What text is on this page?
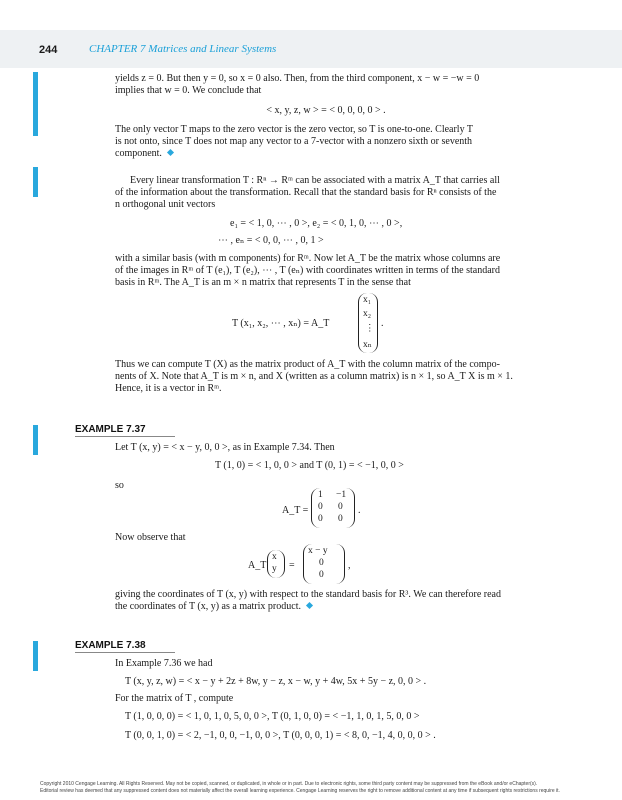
244	CHAPTER 7 Matrices and Linear Systems
yields z = 0. But then y = 0, so x = 0 also. Then, from the third component, x − w = −w = 0
implies that w = 0. We conclude that
< x, y, z, w > = < 0, 0, 0, 0 > .
The only vector T maps to the zero vector is the zero vector, so T is one-to-one. Clearly T
is not onto, since T does not map any vector to a 7-vector with a nonzero sixth or seventh
component.
Every linear transformation T : Rⁿ → Rᵐ can be associated with a matrix A_T that carries all
of the information about the transformation. Recall that the standard basis for Rⁿ consists of the
n orthogonal unit vectors
e₁ = < 1, 0, ⋯ , 0 >, e₂ = < 0, 1, 0, ⋯ , 0 >,
⋯ , eₙ = < 0, 0, ⋯ , 0, 1 >
with a similar basis (with m components) for Rᵐ. Now let A_T be the matrix whose columns are
of the images in Rᵐ of T (e₁), T (e₂), ⋯ , T (eₙ) with coordinates written in terms of the standard
basis in Rᵐ. The A_T is an m × n matrix that represents T in the sense that
T (x₁, x₂, ⋯ , xₙ) = A_T
x₁
x₂
⋮
xₙ
.
Thus we can compute T (X) as the matrix product of A_T with the column matrix of the compo-
nents of X. Note that A_T is m × n, and X (written as a column matrix) is n × 1, so A_T X is m × 1.
Hence, it is a vector in Rᵐ.
EXAMPLE 7.37
Let T (x, y) = < x − y, 0, 0 >, as in Example 7.34. Then
T (1, 0) = < 1, 0, 0 > and T (0, 1) = < −1, 0, 0 >
so
A_T =
1 −1
0 0
0 0
.
Now observe that
A_T
x
y =
x − y
0
0
,
giving the coordinates of T (x, y) with respect to the standard basis for R³. We can therefore read
the coordinates of T (x, y) as a matrix product.
EXAMPLE 7.38
In Example 7.36 we had
T (x, y, z, w) = < x − y + 2z + 8w, y − z, x − w, y + 4w, 5x + 5y − z, 0, 0 > .
For the matrix of T , compute
T (1, 0, 0, 0) = < 1, 0, 1, 0, 5, 0, 0 >, T (0, 1, 0, 0) = < −1, 1, 0, 1, 5, 0, 0 >
T (0, 0, 1, 0) = < 2, −1, 0, 0, −1, 0, 0 >, T (0, 0, 0, 1) = < 8, 0, −1, 4, 0, 0, 0 > .
Copyright 2010 Cengage Learning. All Rights Reserved. May not be copied, scanned, or duplicated, in whole or in part. Due to electronic rights, some third party content may be suppressed from the eBook and/or eChapter(s).
Editorial review has deemed that any suppressed content does not materially affect the overall learning experience. Cengage Learning reserves the right to remove additional content at any time if subsequent rights restrictions require it.
